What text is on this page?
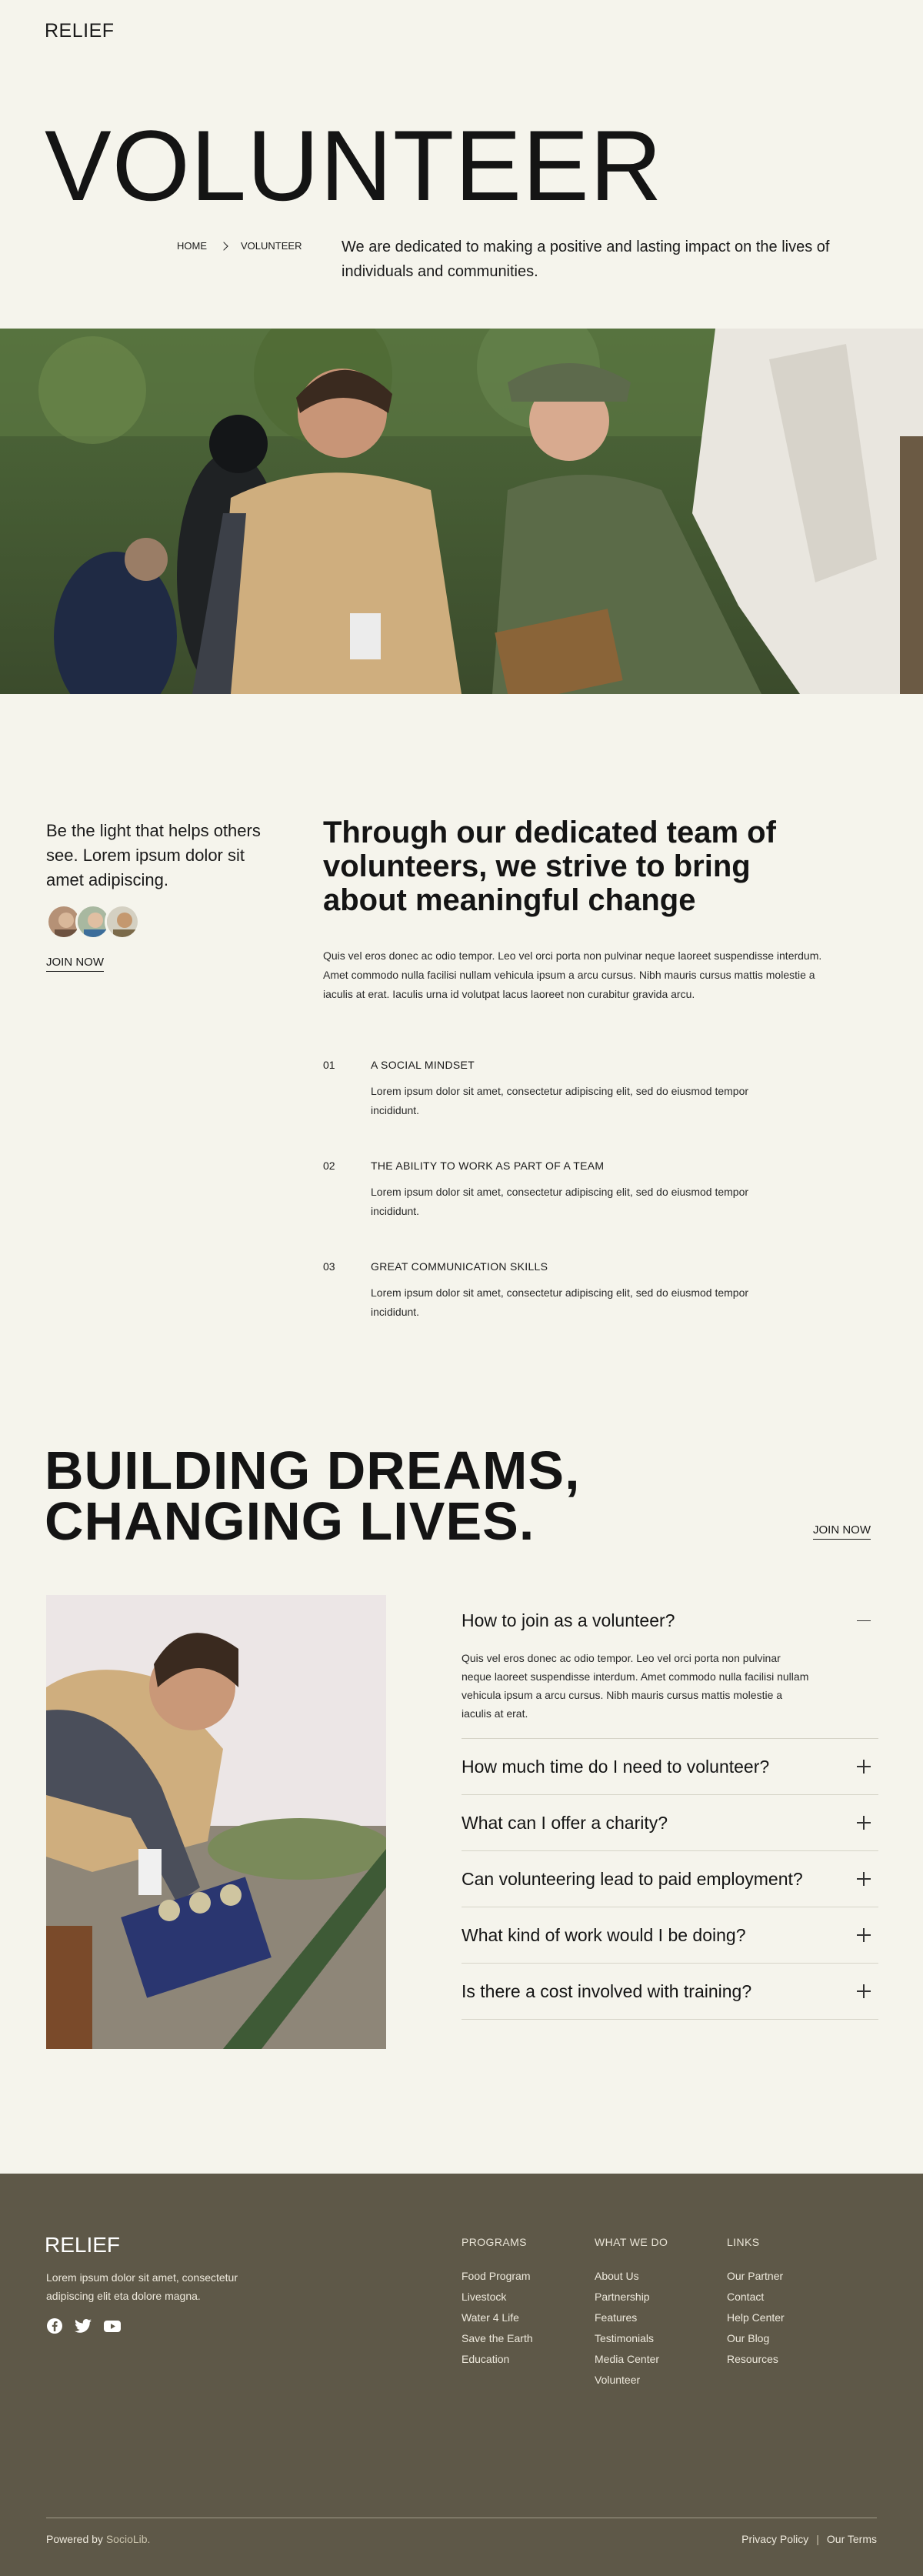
RELIEF
VOLUNTEER
HOME	VOLUNTEER	We are dedicated to making a positive and lasting impact on the lives of individuals and communities.

Be the light that helps others see. Lorem ipsum dolor sit amet adipiscing.

JOIN NOW
Through our dedicated team of volunteers, we strive to bring about meaningful change

Quis vel eros donec ac odio tempor. Leo vel orci porta non pulvinar neque laoreet suspendisse interdum. Amet commodo nulla facilisi nullam vehicula ipsum a arcu cursus. Nibh mauris cursus mattis molestie a iaculis at erat. Iaculis urna id volutpat lacus laoreet non curabitur gravida arcu.

01	A SOCIAL MINDSET

Lorem ipsum dolor sit amet, consectetur adipiscing elit, sed do eiusmod tempor incididunt.

02	THE ABILITY TO WORK AS PART OF A TEAM

Lorem ipsum dolor sit amet, consectetur adipiscing elit, sed do eiusmod tempor incididunt.

03	GREAT COMMUNICATION SKILLS

Lorem ipsum dolor sit amet, consectetur adipiscing elit, sed do eiusmod tempor incididunt.

BUILDING DREAMS,
CHANGING LIVES.	JOIN NOW
How to join as a volunteer?

Quis vel eros donec ac odio tempor. Leo vel orci porta non pulvinar neque laoreet suspendisse interdum. Amet commodo nulla facilisi nullam vehicula ipsum a arcu cursus. Nibh mauris cursus mattis molestie a iaculis at erat.

How much time do I need to volunteer?
What can I offer a charity?
Can volunteering lead to paid employment?
What kind of work would I be doing?
Is there a cost involved with training?
RELIEF

Lorem ipsum dolor sit amet, consectetur adipiscing elit eta dolore magna.

PROGRAMS
Food Program
Livestock
Water 4 Life
Save the Earth
Education
WHAT WE DO
About Us
Partnership
Features
Testimonials
Media Center
Volunteer
LINKS
Our Partner
Contact
Help Center
Our Blog
Resources

Powered by SocioLib.	Privacy Policy | Our Terms
